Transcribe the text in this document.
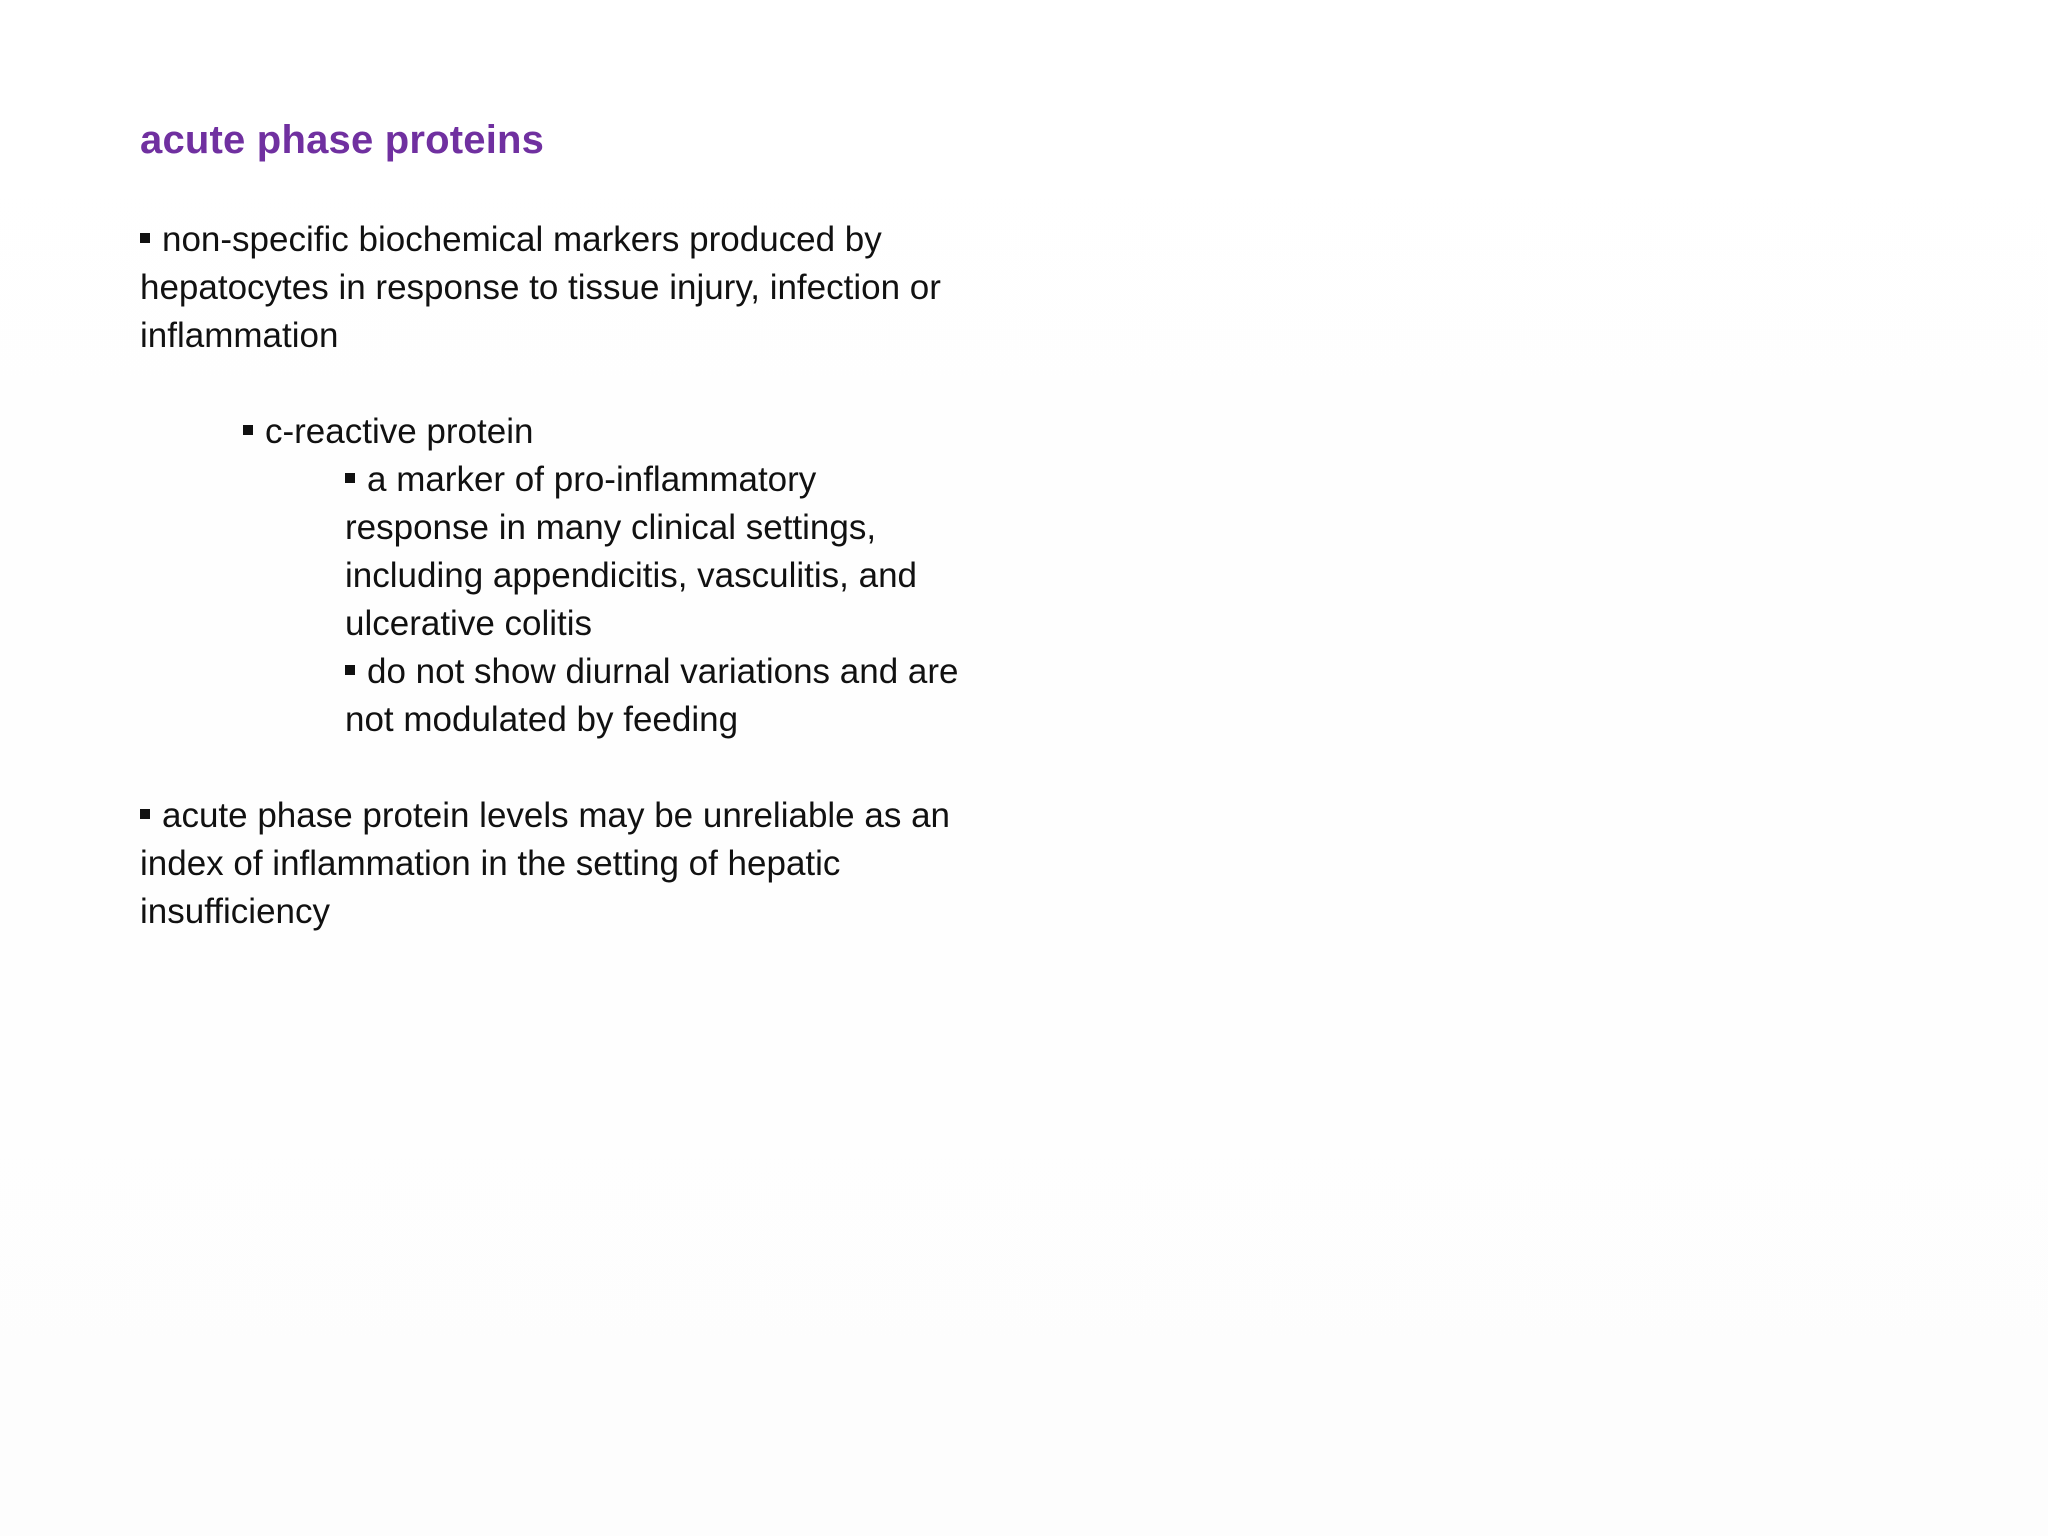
acute phase proteins

non-specific biochemical markers produced by hepatocytes in response to tissue injury, infection or inflammation

c-reactive protein

a marker of pro-inflammatory response in many clinical settings, including appendicitis, vasculitis, and ulcerative colitis

do not show diurnal variations and are not modulated by feeding

acute phase protein levels may be unreliable as an index of inflammation in the setting of hepatic insufficiency
